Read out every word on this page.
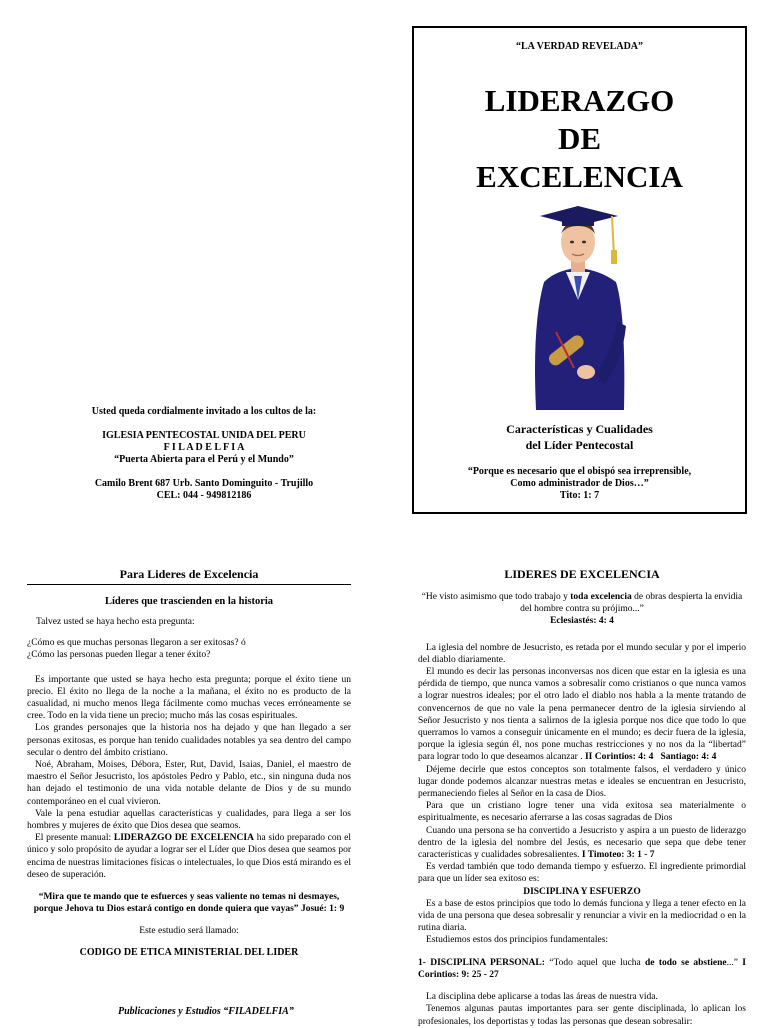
“LA VERDAD REVELADA”
LIDERAZGO
DE
EXCELENCIA
Características y Cualidades
del Líder Pentecostal
“Porque es necesario que el obispó sea irreprensible,
Como administrador de Dios…”
Tito: 1: 7
Usted queda cordialmente invitado a los cultos de la:
IGLESIA PENTECOSTAL UNIDA DEL PERU
F I L A D E L F I A
“Puerta Abierta para el Perú y el Mundo”
Camilo Brent 687 Urb. Santo Dominguito - Trujillo
CEL: 044 - 949812186
Para Lideres de Excelencia
Líderes que trascienden en la historia

Talvez usted se haya hecho esta pregunta:

¿Cómo es que muchas personas llegaron a ser exitosas? ó

¿Cómo las personas pueden llegar a tener éxito?

Es importante que usted se haya hecho esta pregunta; porque el éxito tiene un precio. El éxito no llega de la noche a la mañana, el éxito no es producto de la casualidad, ni mucho menos llega fácilmente como muchas veces erróneamente se cree. Todo en la vida tiene un precio; mucho más las cosas espirituales.

Los grandes personajes que la historia nos ha dejado y que han llegado a ser personas exitosas, es porque han tenido cualidades notables ya sea dentro del campo secular o dentro del ámbito cristiano.

Noé, Abraham, Moises, Débora, Ester, Rut, David, Isaias, Daniel, el maestro de maestro el Señor Jesucristo, los apóstoles Pedro y Pablo, etc., sin ninguna duda nos han dejado el testimonio de una vida notable delante de Dios y de su mundo contemporáneo en el cual vivieron.

Vale la pena estudiar aquellas características y cualidades, para llega a ser los hombres y mujeres de éxito que Dios desea que seamos.

El presente manual: LIDERAZGO DE EXCELENCIA ha sido preparado con el único y solo propósito de ayudar a lograr ser el Líder que Dios desea que seamos por encima de nuestras limitaciones físicas o intelectuales, lo que Dios está mirando es el deseo de superación.

“Mira que te mando que te esfuerces y seas valiente no temas ni desmayes, porque Jehova tu Dios estará contigo en donde quiera que vayas” Josué: 1: 9

Este estudio será llamado:

CODIGO DE ETICA MINISTERIAL DEL LIDER

Publicaciones y Estudios “FILADELFIA”
LIDERES DE EXCELENCIA

“He visto asimismo que todo trabajo y toda excelencia de obras despierta la envidia del hombre contra su prójimo...”

Eclesiastés: 4: 4

La iglesia del nombre de Jesucristo, es retada por el mundo secular y por el imperio del diablo diariamente.

El mundo es decir las personas inconversas nos dicen que estar en la iglesia es una pérdida de tiempo, que nunca vamos a sobresalir como cristianos o que nunca vamos a lograr nuestros ideales; por el otro lado el diablo nos habla a la mente tratando de convencernos de que no vale la pena permanecer dentro de la iglesia sirviendo al Señor Jesucristo y nos tienta a salirnos de la iglesia porque nos dice que todo lo que querramos lo vamos a conseguir únicamente en el mundo; es decir fuera de la iglesia, porque la iglesia según él, nos pone muchas restricciones y no nos da la “libertad” para lograr todo lo que deseamos alcanzar . II Corintios: 4: 4 Santiago: 4: 4

Déjeme decirle que estos conceptos son totalmente falsos, el verdadero y único lugar donde podemos alcanzar nuestras metas e ideales se encuentran en Jesucristo, permaneciendo fieles al Señor en la casa de Dios.

Para que un cristiano logre tener una vida exitosa sea materialmente o espiritualmente, es necesario aferrarse a las cosas sagradas de Dios

Cuando una persona se ha convertido a Jesucristo y aspira a un puesto de liderazgo dentro de la iglesia del nombre del Jesús, es necesario que sepa que debe tener características y cualidades sobresalientes. I Timoteo: 3: 1 - 7

Es verdad también que todo demanda tiempo y esfuerzo. El ingrediente primordial para que un líder sea exitoso es:

DISCIPLINA Y ESFUERZO

Es a base de estos principios que todo lo demás funciona y llega a tener efecto en la vida de una persona que desea sobresalir y renunciar a vivir en la mediocridad o en la rutina diaria.

Estudiemos estos dos principios fundamentales:

1- DISCIPLINA PERSONAL: “Todo aquel que lucha de todo se abstiene...” I Corintios: 9: 25 - 27

La disciplina debe aplicarse a todas las áreas de nuestra vida.

Tenemos algunas pautas importantes para ser gente disciplinada, lo aplican los profesionales, los deportistas y todas las personas que desean sobresalir:
